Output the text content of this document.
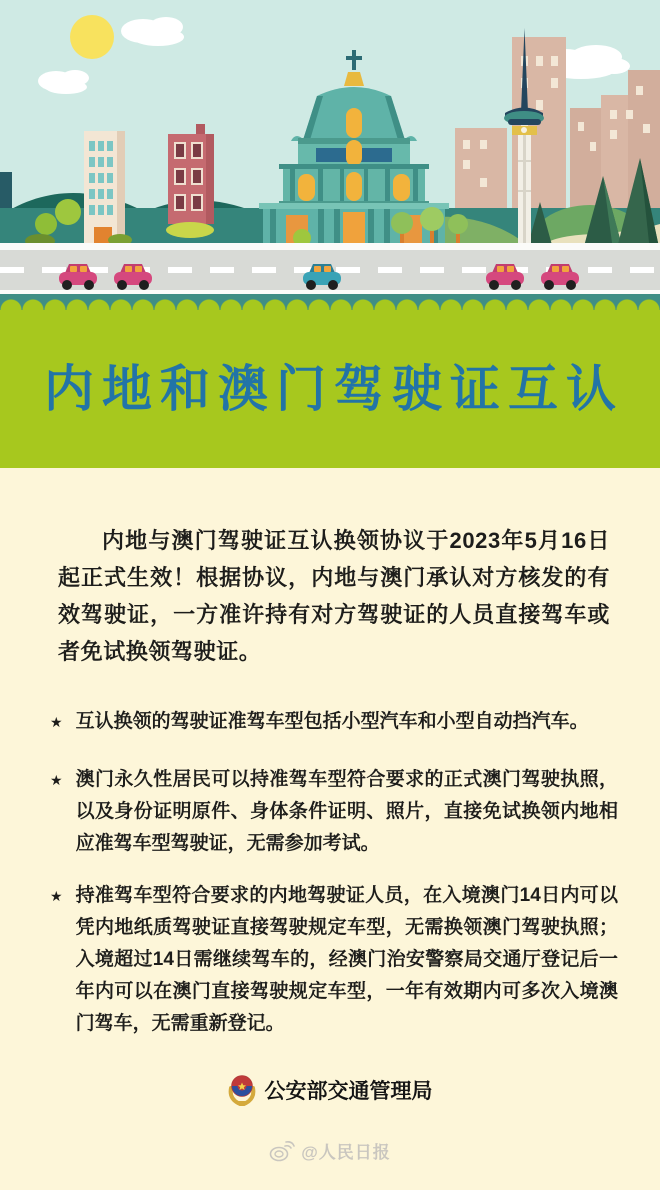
内地和澳门驾驶证互认

内地与澳门驾驶证互认换领协议于2023年5月16日起正式生效！根据协议，内地与澳门承认对方核发的有效驾驶证，一方准许持有对方驾驶证的人员直接驾车或者免试换领驾驶证。

★ 互认换领的驾驶证准驾车型包括小型汽车和小型自动挡汽车。

★ 澳门永久性居民可以持准驾车型符合要求的正式澳门驾驶执照，以及身份证明原件、身体条件证明、照片，直接免试换领内地相应准驾车型驾驶证，无需参加考试。

★ 持准驾车型符合要求的内地驾驶证人员，在入境澳门14日内可以凭内地纸质驾驶证直接驾驶规定车型，无需换领澳门驾驶执照；入境超过14日需继续驾车的，经澳门治安警察局交通厅登记后一年内可以在澳门直接驾驶规定车型，一年有效期内可多次入境澳门驾车，无需重新登记。

公安部交通管理局
@人民日报
